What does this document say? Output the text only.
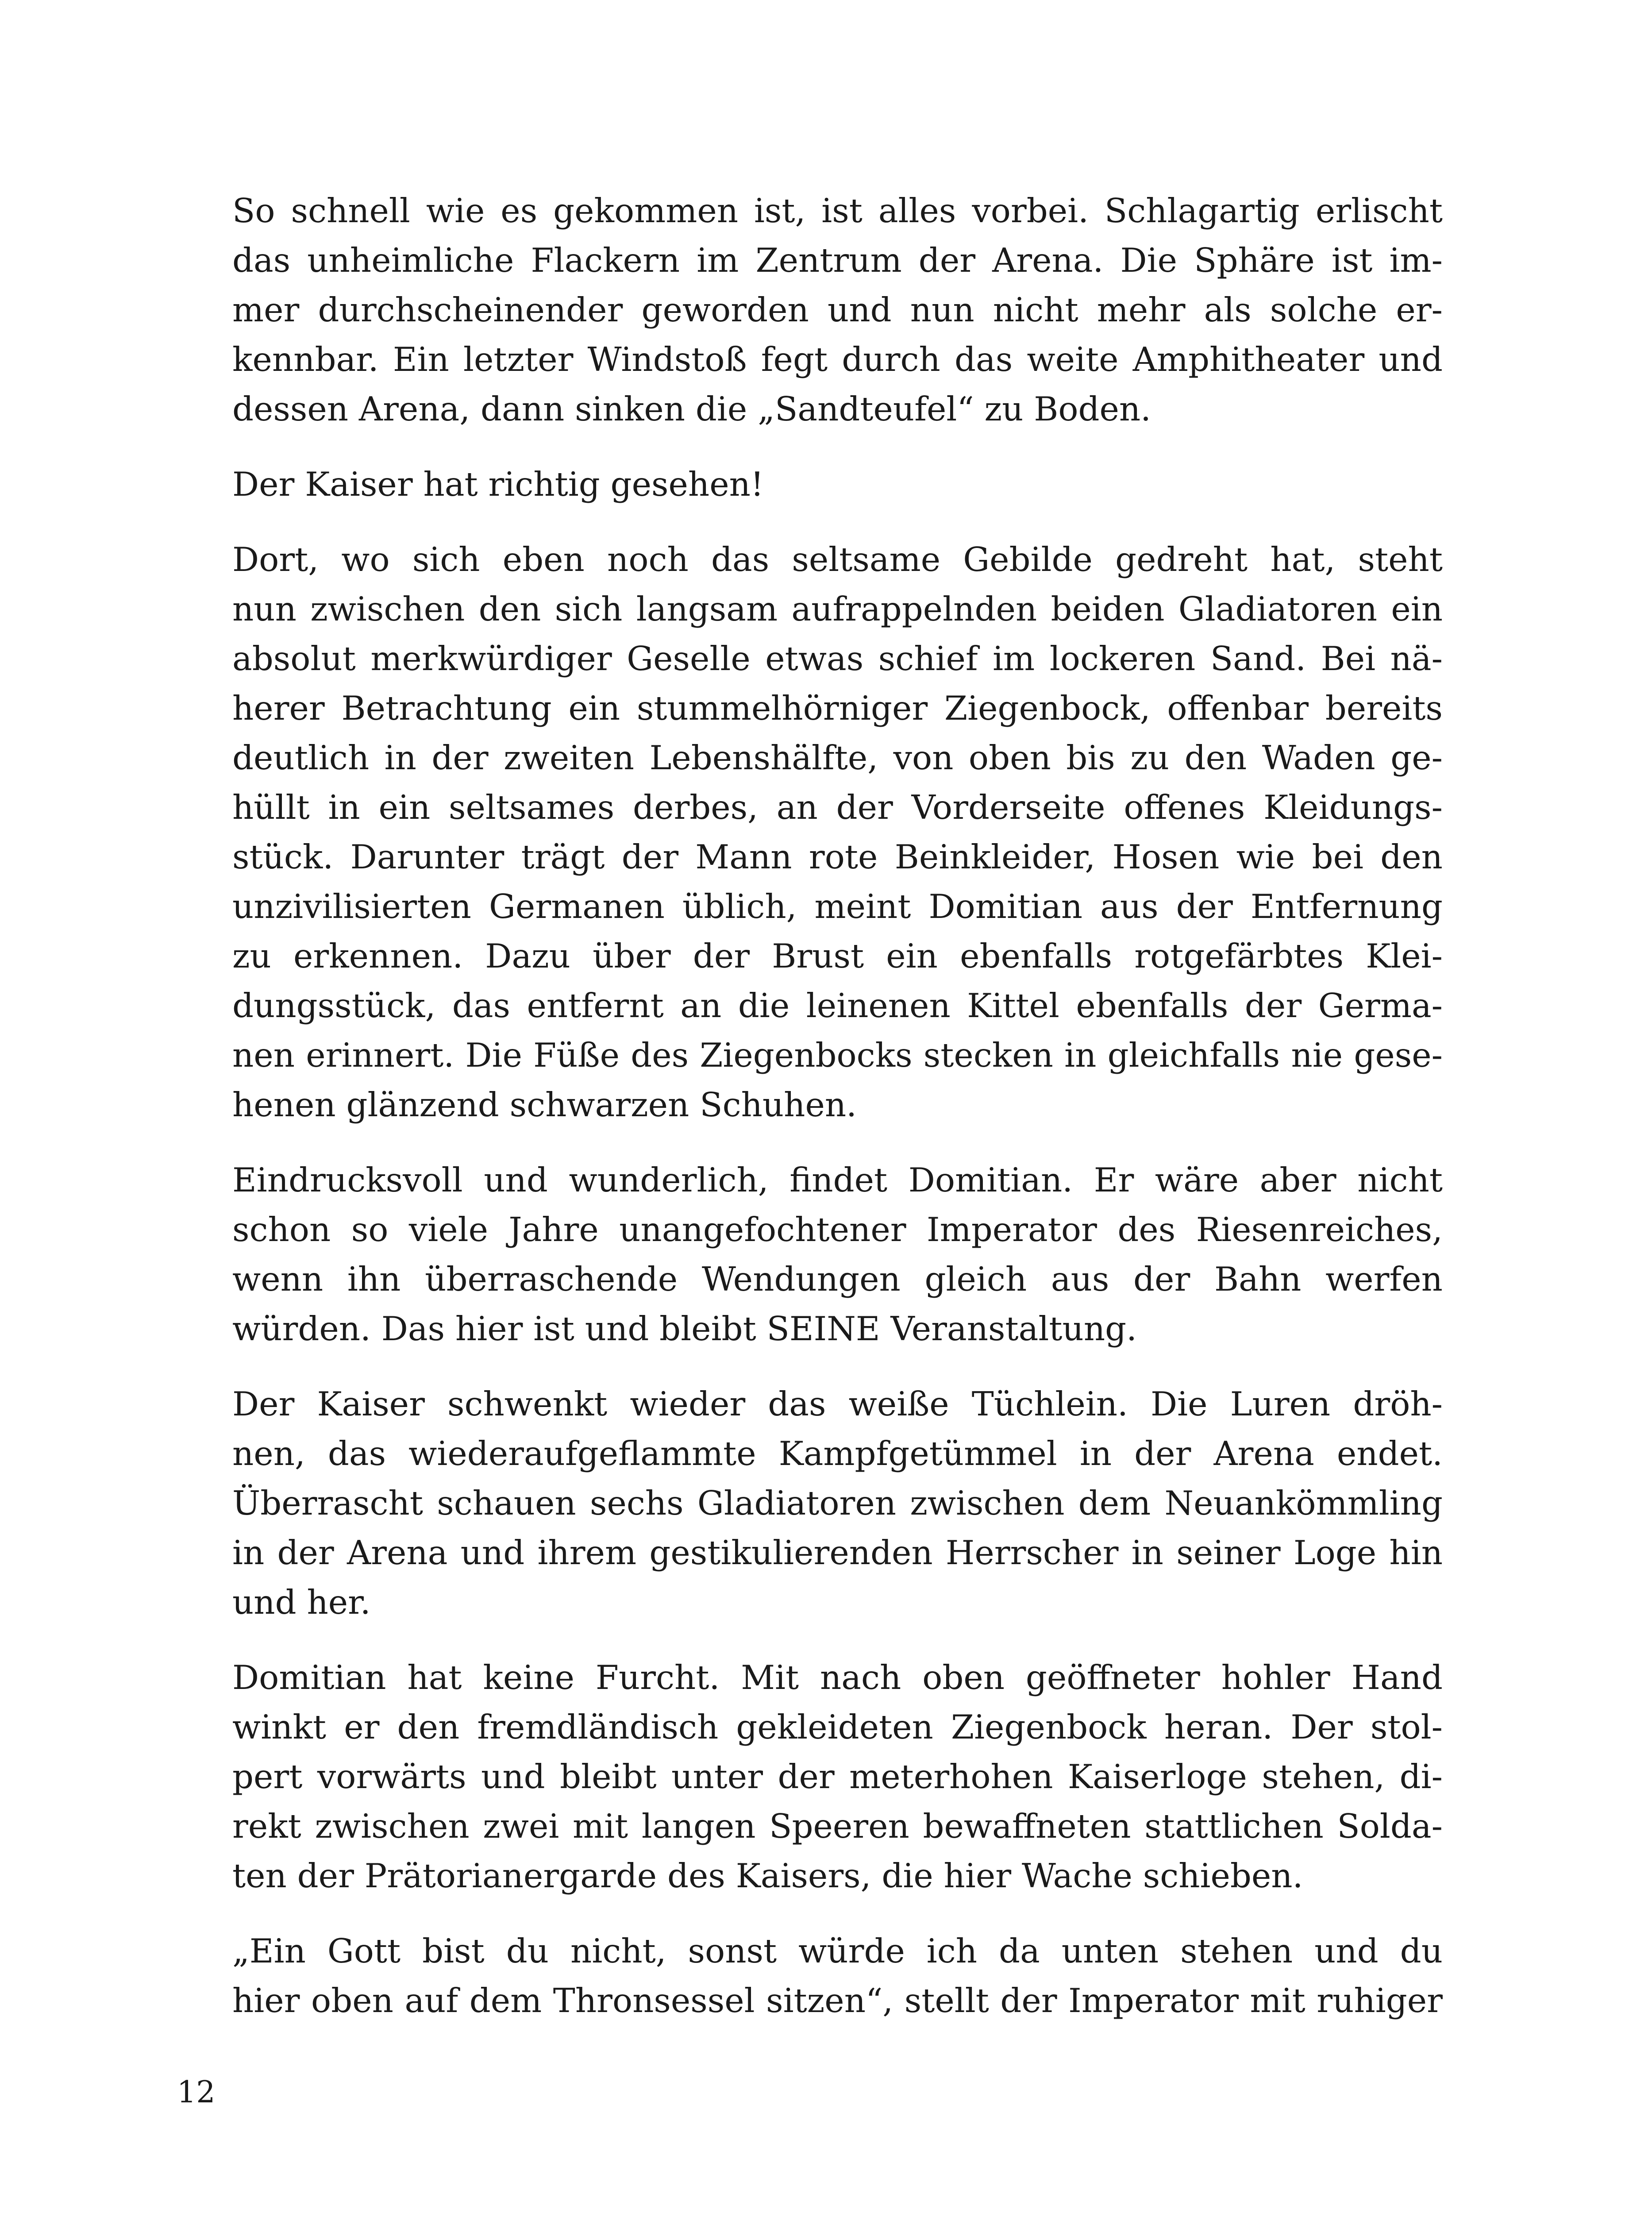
So schnell wie es gekommen ist, ist alles vorbei. Schlagartig erlischt
das unheimliche Flackern im Zentrum der Arena. Die Sphäre ist im-
mer durchscheinender geworden und nun nicht mehr als solche er-
kennbar. Ein letzter Windstoß fegt durch das weite Amphitheater und
dessen Arena, dann sinken die „Sandteufel“ zu Boden.

Der Kaiser hat richtig gesehen!

Dort, wo sich eben noch das seltsame Gebilde gedreht hat, steht
nun zwischen den sich langsam aufrappelnden beiden Gladiatoren ein
absolut merkwürdiger Geselle etwas schief im lockeren Sand. Bei nä-
herer Betrachtung ein stummelhörniger Ziegenbock, offenbar bereits
deutlich in der zweiten Lebenshälfte, von oben bis zu den Waden ge-
hüllt in ein seltsames derbes, an der Vorderseite offenes Kleidungs-
stück. Darunter trägt der Mann rote Beinkleider, Hosen wie bei den
unzivilisierten Germanen üblich, meint Domitian aus der Entfernung
zu erkennen. Dazu über der Brust ein ebenfalls rotgefärbtes Klei-
dungsstück, das entfernt an die leinenen Kittel ebenfalls der Germa-
nen erinnert. Die Füße des Ziegenbocks stecken in gleichfalls nie gese-
henen glänzend schwarzen Schuhen.

Eindrucksvoll und wunderlich, findet Domitian. Er wäre aber nicht
schon so viele Jahre unangefochtener Imperator des Riesenreiches,
wenn ihn überraschende Wendungen gleich aus der Bahn werfen
würden. Das hier ist und bleibt SEINE Veranstaltung.

Der Kaiser schwenkt wieder das weiße Tüchlein. Die Luren dröh-
nen, das wiederaufgeflammte Kampfgetümmel in der Arena endet.
Überrascht schauen sechs Gladiatoren zwischen dem Neuankömmling
in der Arena und ihrem gestikulierenden Herrscher in seiner Loge hin
und her.

Domitian hat keine Furcht. Mit nach oben geöffneter hohler Hand
winkt er den fremdländisch gekleideten Ziegenbock heran. Der stol-
pert vorwärts und bleibt unter der meterhohen Kaiserloge stehen, di-
rekt zwischen zwei mit langen Speeren bewaffneten stattlichen Solda-
ten der Prätorianergarde des Kaisers, die hier Wache schieben.

„Ein Gott bist du nicht, sonst würde ich da unten stehen und du
hier oben auf dem Thronsessel sitzen“, stellt der Imperator mit ruhiger

12
